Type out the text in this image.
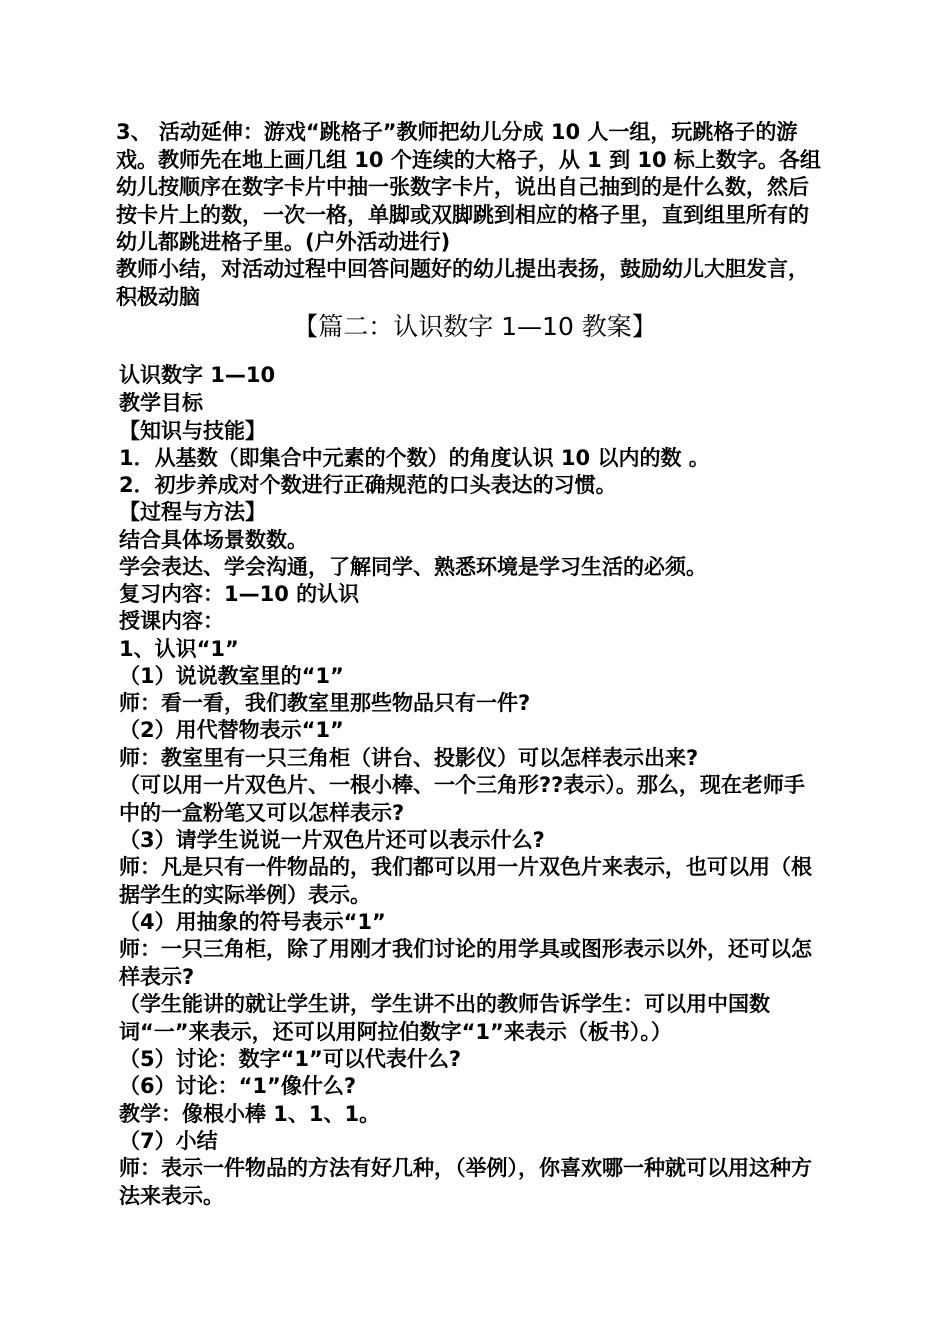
3、 活动延伸：游戏“跳格子”教师把幼儿分成 10 人一组，玩跳格子的游戏。教师先在地上画几组 10 个连续的大格子，从 1 到 10 标上数字。各组幼儿按顺序在数字卡片中抽一张数字卡片，说出自己抽到的是什么数，然后按卡片上的数，一次一格，单脚或双脚跳到相应的格子里，直到组里所有的幼儿都跳进格子里。(户外活动进行)

教师小结，对活动过程中回答问题好的幼儿提出表扬，鼓励幼儿大胆发言，积极动脑

【篇二：认识数字 1—10 教案】

认识数字 1—10

教学目标

【知识与技能】

1．从基数（即集合中元素的个数）的角度认识 10 以内的数 。

2．初步养成对个数进行正确规范的口头表达的习惯。

【过程与方法】

结合具体场景数数。

学会表达、学会沟通，了解同学、熟悉环境是学习生活的必须。

复习内容：1—10 的认识

授课内容：

1、认识“1”

（1）说说教室里的“1”

师：看一看，我们教室里那些物品只有一件?

（2）用代替物表示“1”

师：教室里有一只三角柜（讲台、投影仪）可以怎样表示出来?

（可以用一片双色片、一根小棒、一个三角形??表示）。那么，现在老师手中的一盒粉笔又可以怎样表示?

（3）请学生说说一片双色片还可以表示什么?

师：凡是只有一件物品的，我们都可以用一片双色片来表示，也可以用（根据学生的实际举例）表示。

（4）用抽象的符号表示“1”

师：一只三角柜，除了用刚才我们讨论的用学具或图形表示以外，还可以怎样表示?

（学生能讲的就让学生讲，学生讲不出的教师告诉学生：可以用中国数词“一”来表示，还可以用阿拉伯数字“1”来表示（板书）。）

（5）讨论：数字“1”可以代表什么?

（6）讨论：“1”像什么?

教学：像根小棒 1、1、1。

（7）小结

师：表示一件物品的方法有好几种，（举例），你喜欢哪一种就可以用这种方法来表示。
